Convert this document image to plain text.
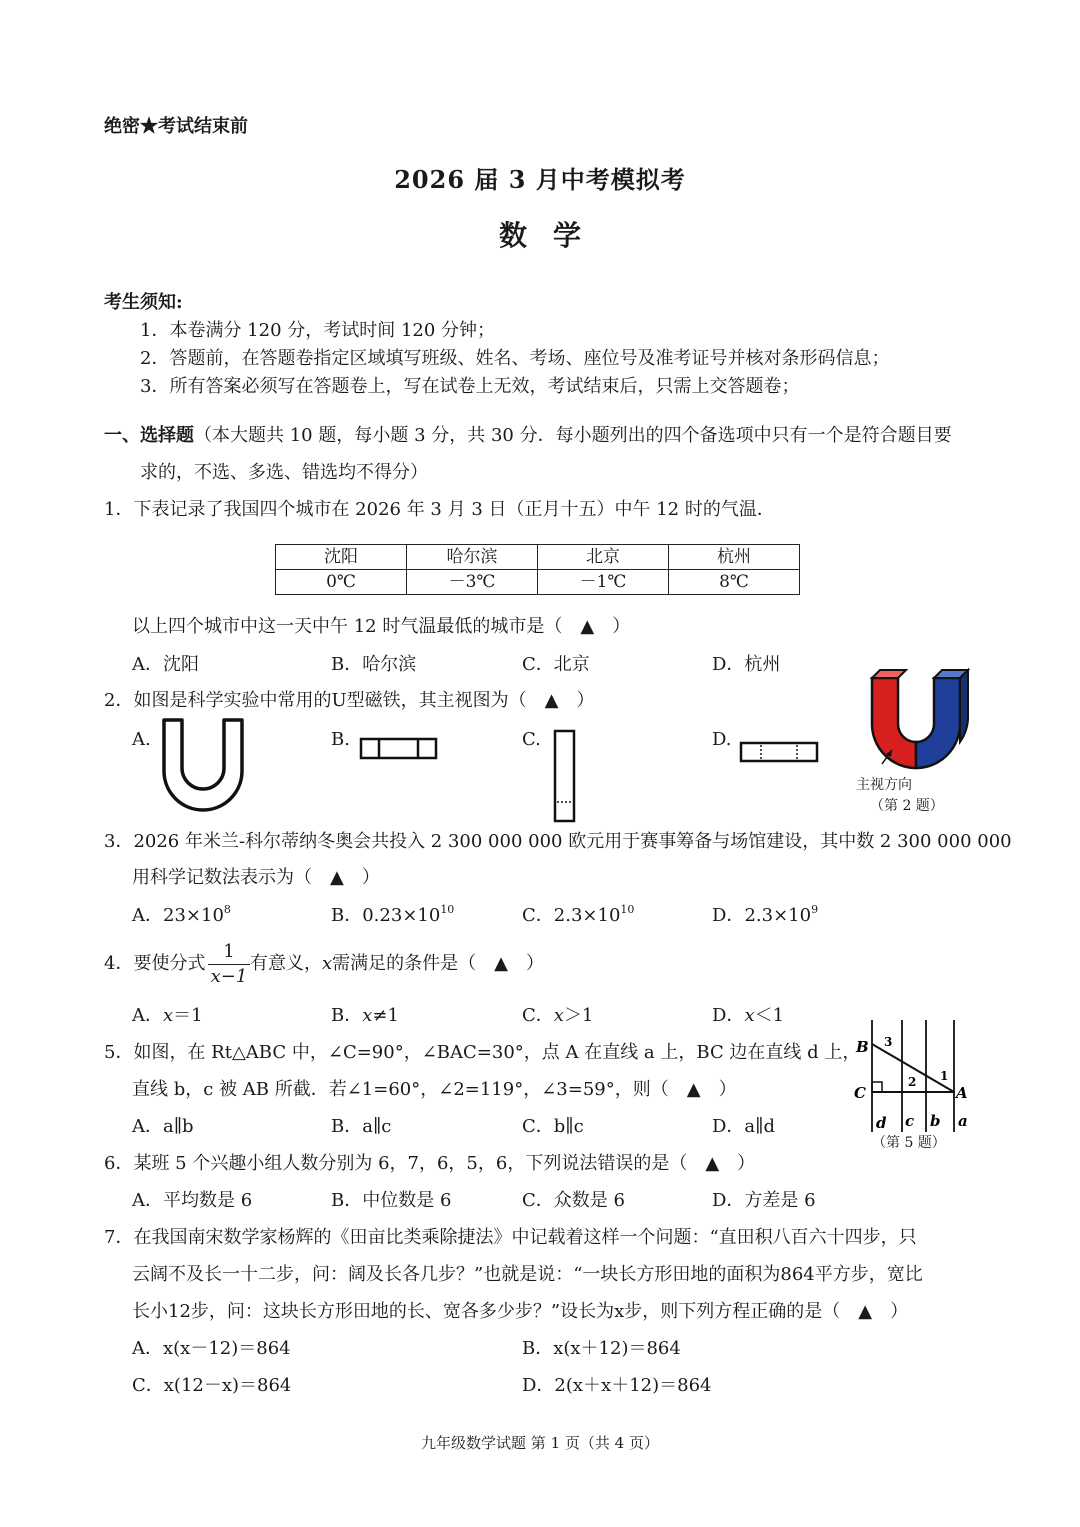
绝密★考试结束前
2026 届 3 月中考模拟考
数学
考生须知:
1．本卷满分 120 分，考试时间 120 分钟；
2．答题前，在答题卷指定区域填写班级、姓名、考场、座位号及准考证号并核对条形码信息；
3．所有答案必须写在答题卷上，写在试卷上无效，考试结束后，只需上交答题卷；
一、选择题（本大题共 10 题，每小题 3 分，共 30 分．每小题列出的四个备选项中只有一个是符合题目要
求的，不选、多选、错选均不得分）
1．下表记录了我国四个城市在 2026 年 3 月 3 日（正月十五）中午 12 时的气温．
沈阳	哈尔滨	北京	杭州
0℃	－3℃	－1℃	8℃
以上四个城市中这一天中午 12 时气温最低的城市是（　▲　）
A．沈阳	B．哈尔滨	C．北京	D．杭州
2．如图是科学实验中常用的U型磁铁，其主视图为（　▲　）
A.	B.	C.	D.
主视方向
（第 2 题）
3．2026 年米兰-科尔蒂纳冬奥会共投入 2 300 000 000 欧元用于赛事筹备与场馆建设，其中数 2 300 000 000
用科学记数法表示为（　▲　）
A．$23\times 10^8$	B．$0.23\times 10^{10}$	C．$2.3\times 10^{10}$	D．$2.3\times 10^9$
4．要使分式
1
x−1
有意义，x需满足的条件是（　▲　）
A．x＝1	B．x≠1	C．x＞1	D．x＜1
5．如图，在 Rt△ABC 中，∠C=90°，∠BAC=30°，点 A 在直线 a 上，BC 边在直线 d 上，
直线 b，c 被 AB 所截．若∠1=60°，∠2=119°，∠3=59°，则（　▲　）
A．a∥b	B．a∥c	C．b∥c	D．a∥d
B
C	A
3
2 1
d c b a
（第 5 题）
6．某班 5 个兴趣小组人数分别为 6，7，6，5，6，下列说法错误的是（　▲　）
A．平均数是 6	B．中位数是 6	C．众数是 6	D．方差是 6
7．在我国南宋数学家杨辉的《田亩比类乘除捷法》中记载着这样一个问题：“直田积八百六十四步，只
云阔不及长一十二步，问：阔及长各几步？”也就是说：“一块长方形田地的面积为864平方步，宽比
长小12步，问：这块长方形田地的长、宽各多少步？”设长为x步，则下列方程正确的是（　▲　）
A．x(x－12)＝864	B．x(x＋12)＝864
C．x(12－x)＝864	D．2(x＋x＋12)＝864
九年级数学试题 第 1 页（共 4 页）
